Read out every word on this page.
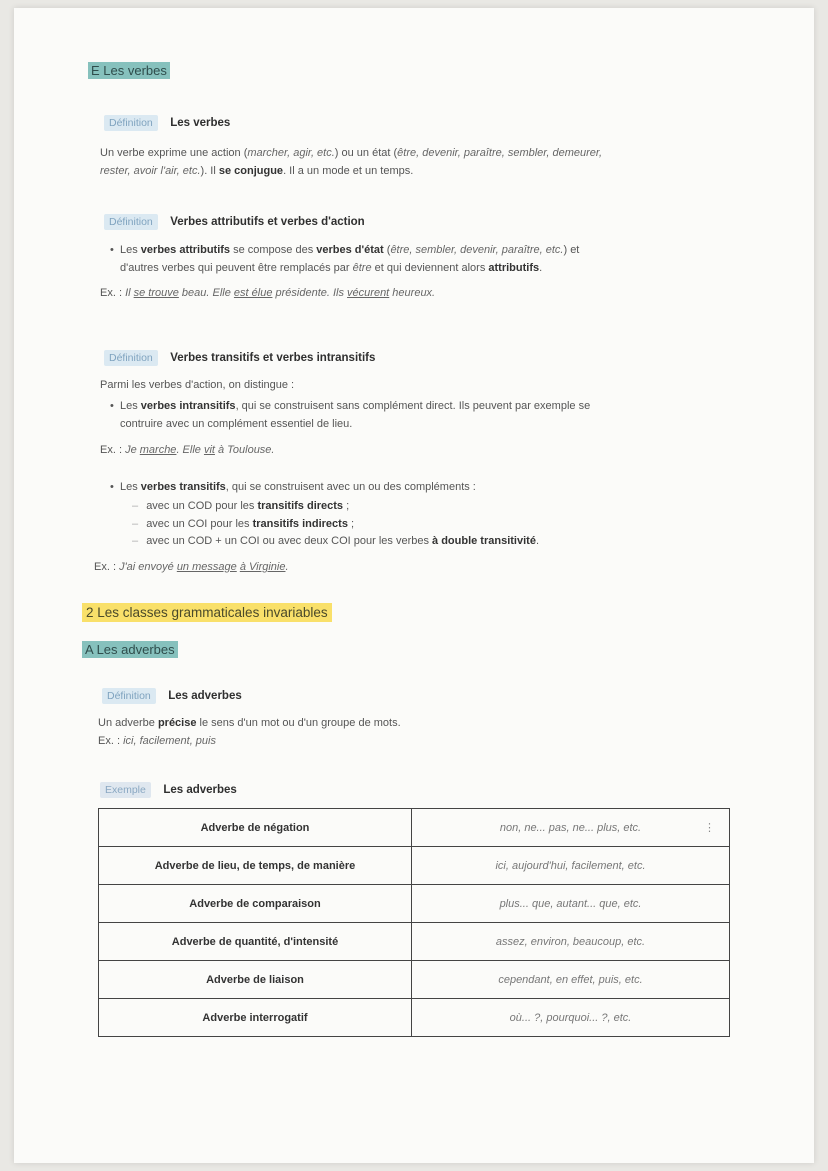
E Les verbes
Définition Les verbes
Un verbe exprime une action (marcher, agir, etc.) ou un état (être, devenir, paraître, sembler, demeurer,
rester, avoir l'air, etc.). Il se conjugue. Il a un mode et un temps.
Définition Verbes attributifs et verbes d'action
• Les verbes attributifs se compose des verbes d'état (être, sembler, devenir, paraître, etc.) et
d'autres verbes qui peuvent être remplacés par être et qui deviennent alors attributifs.
Ex. : Il se trouve beau. Elle est élue présidente. Ils vécurent heureux.
Définition Verbes transitifs et verbes intransitifs
Parmi les verbes d'action, on distingue :
• Les verbes intransitifs, qui se construisent sans complément direct. Ils peuvent par exemple se
contruire avec un complément essentiel de lieu.
Ex. : Je marche. Elle vit à Toulouse.
• Les verbes transitifs, qui se construisent avec un ou des compléments :
– avec un COD pour les transitifs directs ;
– avec un COI pour les transitifs indirects ;
– avec un COD + un COI ou avec deux COI pour les verbes à double transitivité.
Ex. : J'ai envoyé un message à Virginie.
2 Les classes grammaticales invariables
A Les adverbes
Définition Les adverbes
Un adverbe précise le sens d'un mot ou d'un groupe de mots.
Ex. : ici, facilement, puis
Exemple Les adverbes
Adverbe de négation	non, ne... pas, ne... plus, etc. ⋮

Adverbe de lieu, de temps, de manière	ici, aujourd'hui, facilement, etc.
Adverbe de comparaison	plus... que, autant... que, etc.
Adverbe de quantité, d'intensité	assez, environ, beaucoup, etc.
Adverbe de liaison	cependant, en effet, puis, etc.
Adverbe interrogatif	où... ?, pourquoi... ?, etc.
